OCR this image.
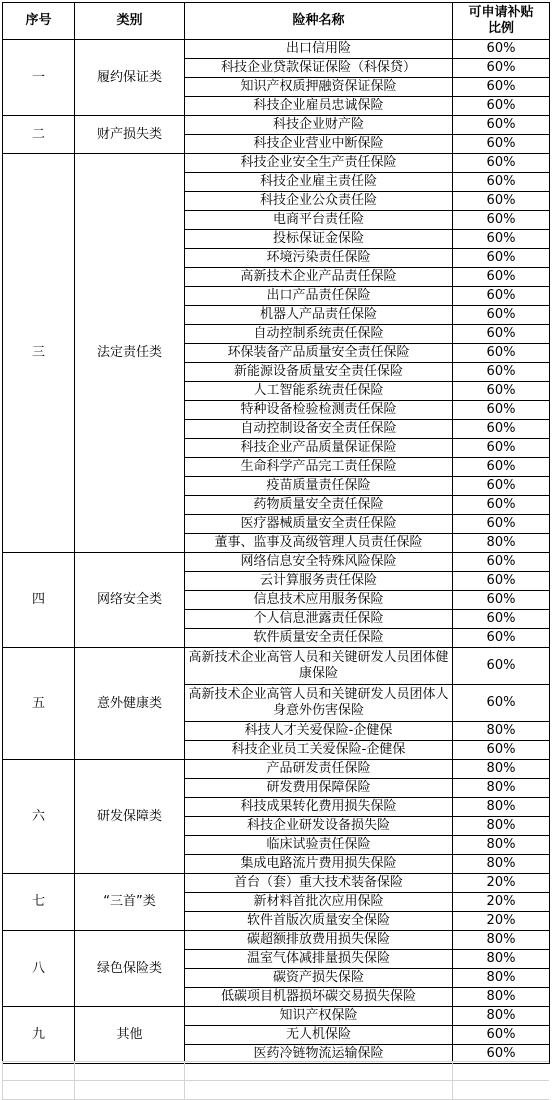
序号	类别	险种名称	可申请补贴
比例
一	履约保证类	出口信用险	60%
		科技企业贷款保证保险（科保贷）	60%
		知识产权质押融资保证保险	60%
		科技企业雇员忠诚保险	60%
二	财产损失类	科技企业财产险	60%
		科技企业营业中断保险	60%
三	法定责任类	科技企业安全生产责任保险	60%
		科技企业雇主责任险	60%
		科技企业公众责任险	60%
		电商平台责任险	60%
		投标保证金保险	60%
		环境污染责任保险	60%
		高新技术企业产品责任保险	60%
		出口产品责任保险	60%
		机器人产品责任保险	60%
		自动控制系统责任保险	60%
		环保装备产品质量安全责任保险	60%
		新能源设备质量安全责任保险	60%
		人工智能系统责任保险	60%
		特种设备检验检测责任保险	60%
		自动控制设备安全责任保险	60%
		科技企业产品质量保证保险	60%
		生命科学产品完工责任保险	60%
		疫苗质量责任保险	60%
		药物质量安全责任保险	60%
		医疗器械质量安全责任保险	60%
		董事、监事及高级管理人员责任保险	80%
四	网络安全类	网络信息安全特殊风险保险	60%
		云计算服务责任保险	60%
		信息技术应用服务保险	60%
		个人信息泄露责任保险	60%
		软件质量安全责任保险	60%
五	意外健康类	高新技术企业高管人员和关键研发人员团体健康保险	60%
		高新技术企业高管人员和关键研发人员团体人身意外伤害保险	60%
		科技人才关爱保险-企健保	80%
		科技企业员工关爱保险-企健保	60%
六	研发保障类	产品研发责任保险	80%
		研发费用保障保险	80%
		科技成果转化费用损失保险	80%
		科技企业研发设备损失险	80%
		临床试验责任保险	80%
		集成电路流片费用损失保险	80%
七	“三首”类	首台（套）重大技术装备保险	20%
		新材料首批次应用保险	20%
		软件首版次质量安全保险	20%
八	绿色保险类	碳超额排放费用损失保险	80%
		温室气体减排量损失保险	80%
		碳资产损失保险	80%
		低碳项目机器损坏碳交易损失保险	80%
九	其他	知识产权保险	80%
		无人机保险	60%
		医药冷链物流运输保险	60%
